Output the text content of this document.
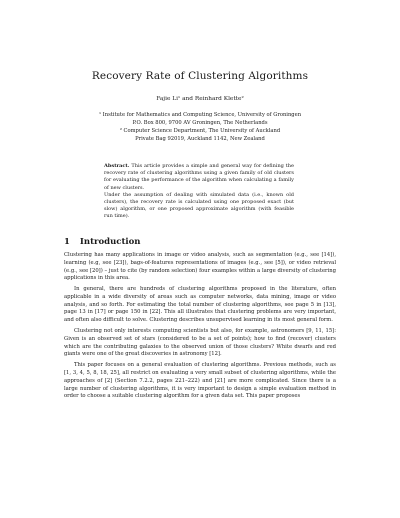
Recovery Rate of Clustering Algorithms
Fajie Li¹ and Reinhard Klette²
¹ Institute for Mathematics and Computing Science, University of Groningen
P.O. Box 800, 9700 AV Groningen, The Netherlands
² Computer Science Department, The University of Auckland
Private Bag 92019, Auckland 1142, New Zealand

Abstract. This article provides a simple and general way for defining the recovery rate of clustering algorithms using a given family of old clusters for evaluating the performance of the algorithm when calculating a family of new clusters.

Under the assumption of dealing with simulated data (i.e., known old clusters), the recovery rate is calculated using one proposed exact (but slow) algorithm, or one proposed approximate algorithm (with feasible run time).

1 Introduction

Clustering has many applications in image or video analysis, such as segmentation (e.g., see [14]), learning (e.g, see [23]), bags-of-features representations of images (e.g., see [5]), or video retrieval (e.g., see [20]) – just to cite (by random selection) four examples within a large diversity of clustering applications in this area.

In general, there are hundreds of clustering algorithms proposed in the literature, often applicable in a wide diversity of areas such as computer networks, data mining, image or video analysis, and so forth. For estimating the total number of clustering algorithms, see page 5 in [13], page 13 in [17] or page 150 in [22]. This all illustrates that clustering problems are very important, and often also difficult to solve. Clustering describes unsupervised learning in its most general form.

Clustering not only interests computing scientists but also, for example, astronomers [9, 11, 15]: Given is an observed set of stars (considered to be a set of points); how to find (recover) clusters which are the contributing galaxies to the observed union of those clusters? White dwarfs and red giants were one of the great discoveries in astronomy [12].

This paper focuses on a general evaluation of clustering algorithms. Previous methods, such as [1, 3, 4, 5, 8, 18, 25], all restrict on evaluating a very small subset of clustering algorithms, while the approaches of [2] (Section 7.2.2, pages 221–222) and [21] are more complicated. Since there is a large number of clustering algorithms, it is very important to design a simple evaluation method in order to choose a suitable clustering algorithm for a given data set. This paper proposes
